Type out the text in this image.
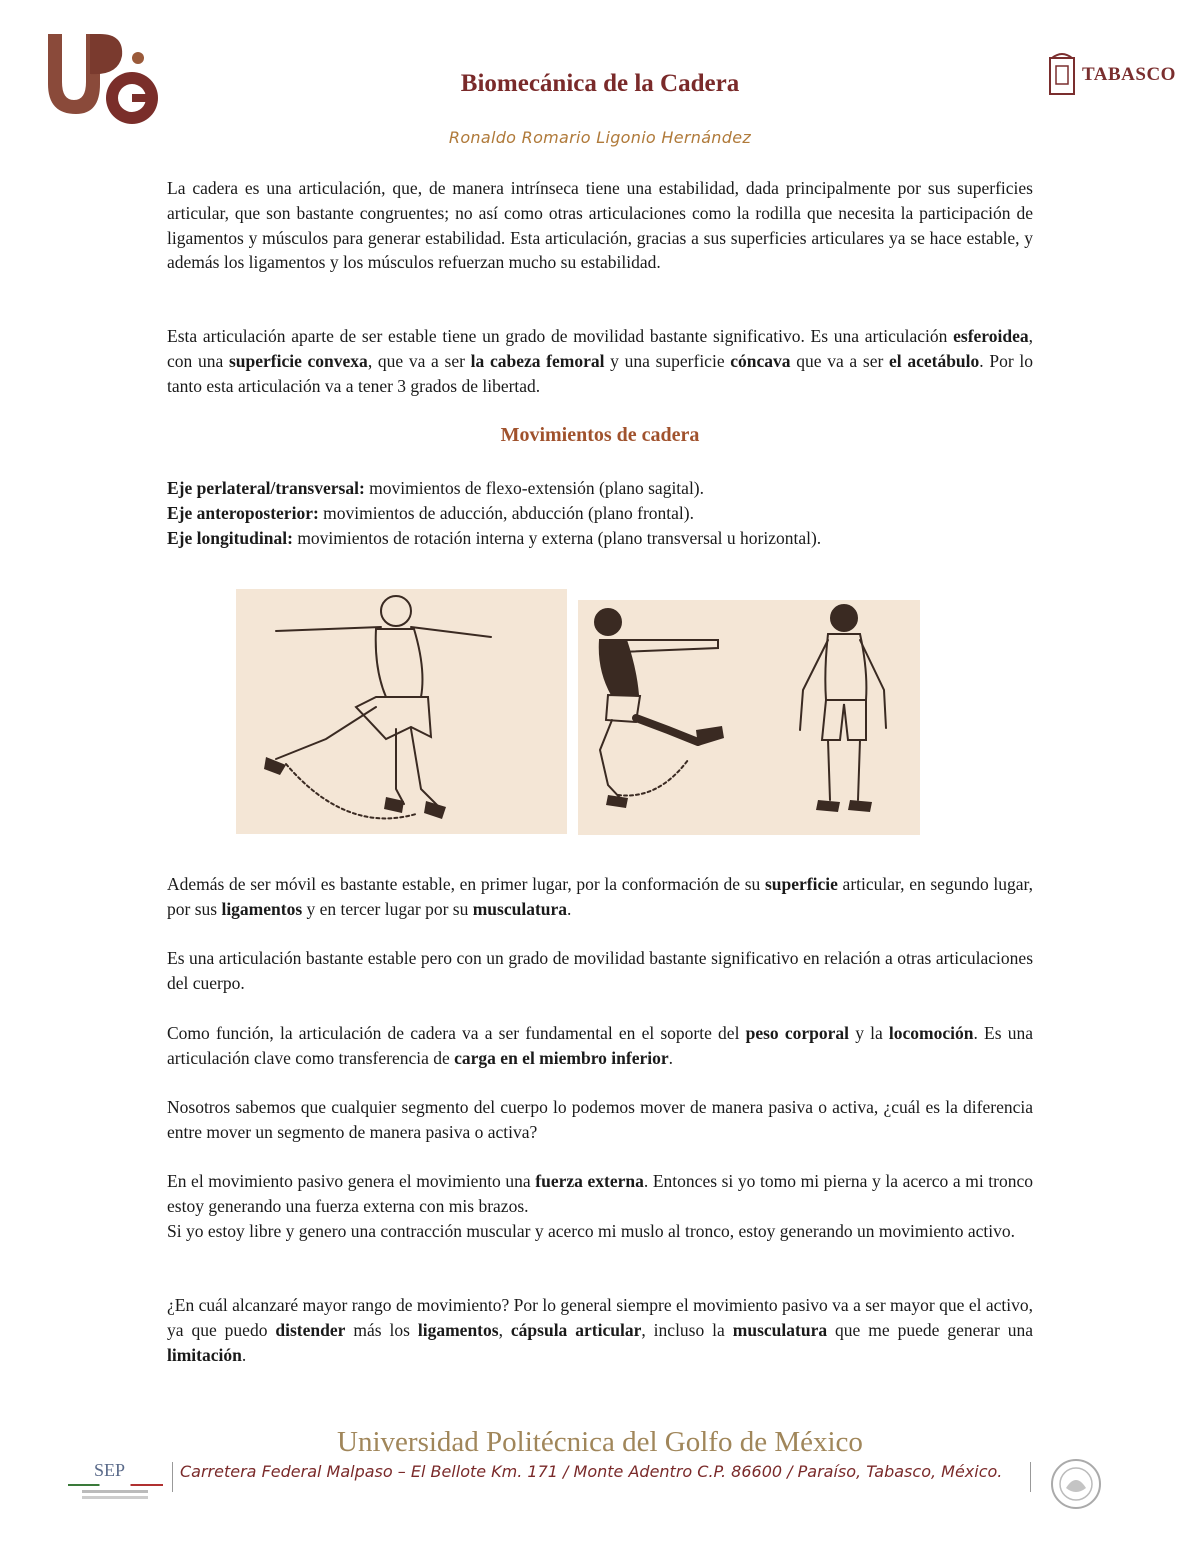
TABASCO
Biomecánica de la Cadera
Ronaldo Romario Ligonio Hernández
La cadera es una articulación, que, de manera intrínseca tiene una estabilidad, dada principalmente por sus superficies articular, que son bastante congruentes; no así como otras articulaciones como la rodilla que necesita la participación de ligamentos y músculos para generar estabilidad. Esta articulación, gracias a sus superficies articulares ya se hace estable, y además los ligamentos y los músculos refuerzan mucho su estabilidad.
Esta articulación aparte de ser estable tiene un grado de movilidad bastante significativo. Es una articulación esferoidea, con una superficie convexa, que va a ser la cabeza femoral y una superficie cóncava que va a ser el acetábulo. Por lo tanto esta articulación va a tener 3 grados de libertad.
Movimientos de cadera
Eje perlateral/transversal: movimientos de flexo-extensión (plano sagital).
Eje anteroposterior: movimientos de aducción, abducción (plano frontal).
Eje longitudinal: movimientos de rotación interna y externa (plano transversal u horizontal).
Además de ser móvil es bastante estable, en primer lugar, por la conformación de su superficie articular, en segundo lugar, por sus ligamentos y en tercer lugar por su musculatura.
Es una articulación bastante estable pero con un grado de movilidad bastante significativo en relación a otras articulaciones del cuerpo.
Como función, la articulación de cadera va a ser fundamental en el soporte del peso corporal y la locomoción. Es una articulación clave como transferencia de carga en el miembro inferior.
Nosotros sabemos que cualquier segmento del cuerpo lo podemos mover de manera pasiva o activa, ¿cuál es la diferencia entre mover un segmento de manera pasiva o activa?
En el movimiento pasivo genera el movimiento una fuerza externa. Entonces si yo tomo mi pierna y la acerco a mi tronco estoy generando una fuerza externa con mis brazos.
Si yo estoy libre y genero una contracción muscular y acerco mi muslo al tronco, estoy generando un movimiento activo.
¿En cuál alcanzaré mayor rango de movimiento? Por lo general siempre el movimiento pasivo va a ser mayor que el activo, ya que puedo distender más los ligamentos, cápsula articular, incluso la musculatura que me puede generar una limitación.
Universidad Politécnica del Golfo de México
SEP	Carretera Federal Malpaso – El Bellote Km. 171 / Monte Adentro C.P. 86600 / Paraíso, Tabasco, México.
